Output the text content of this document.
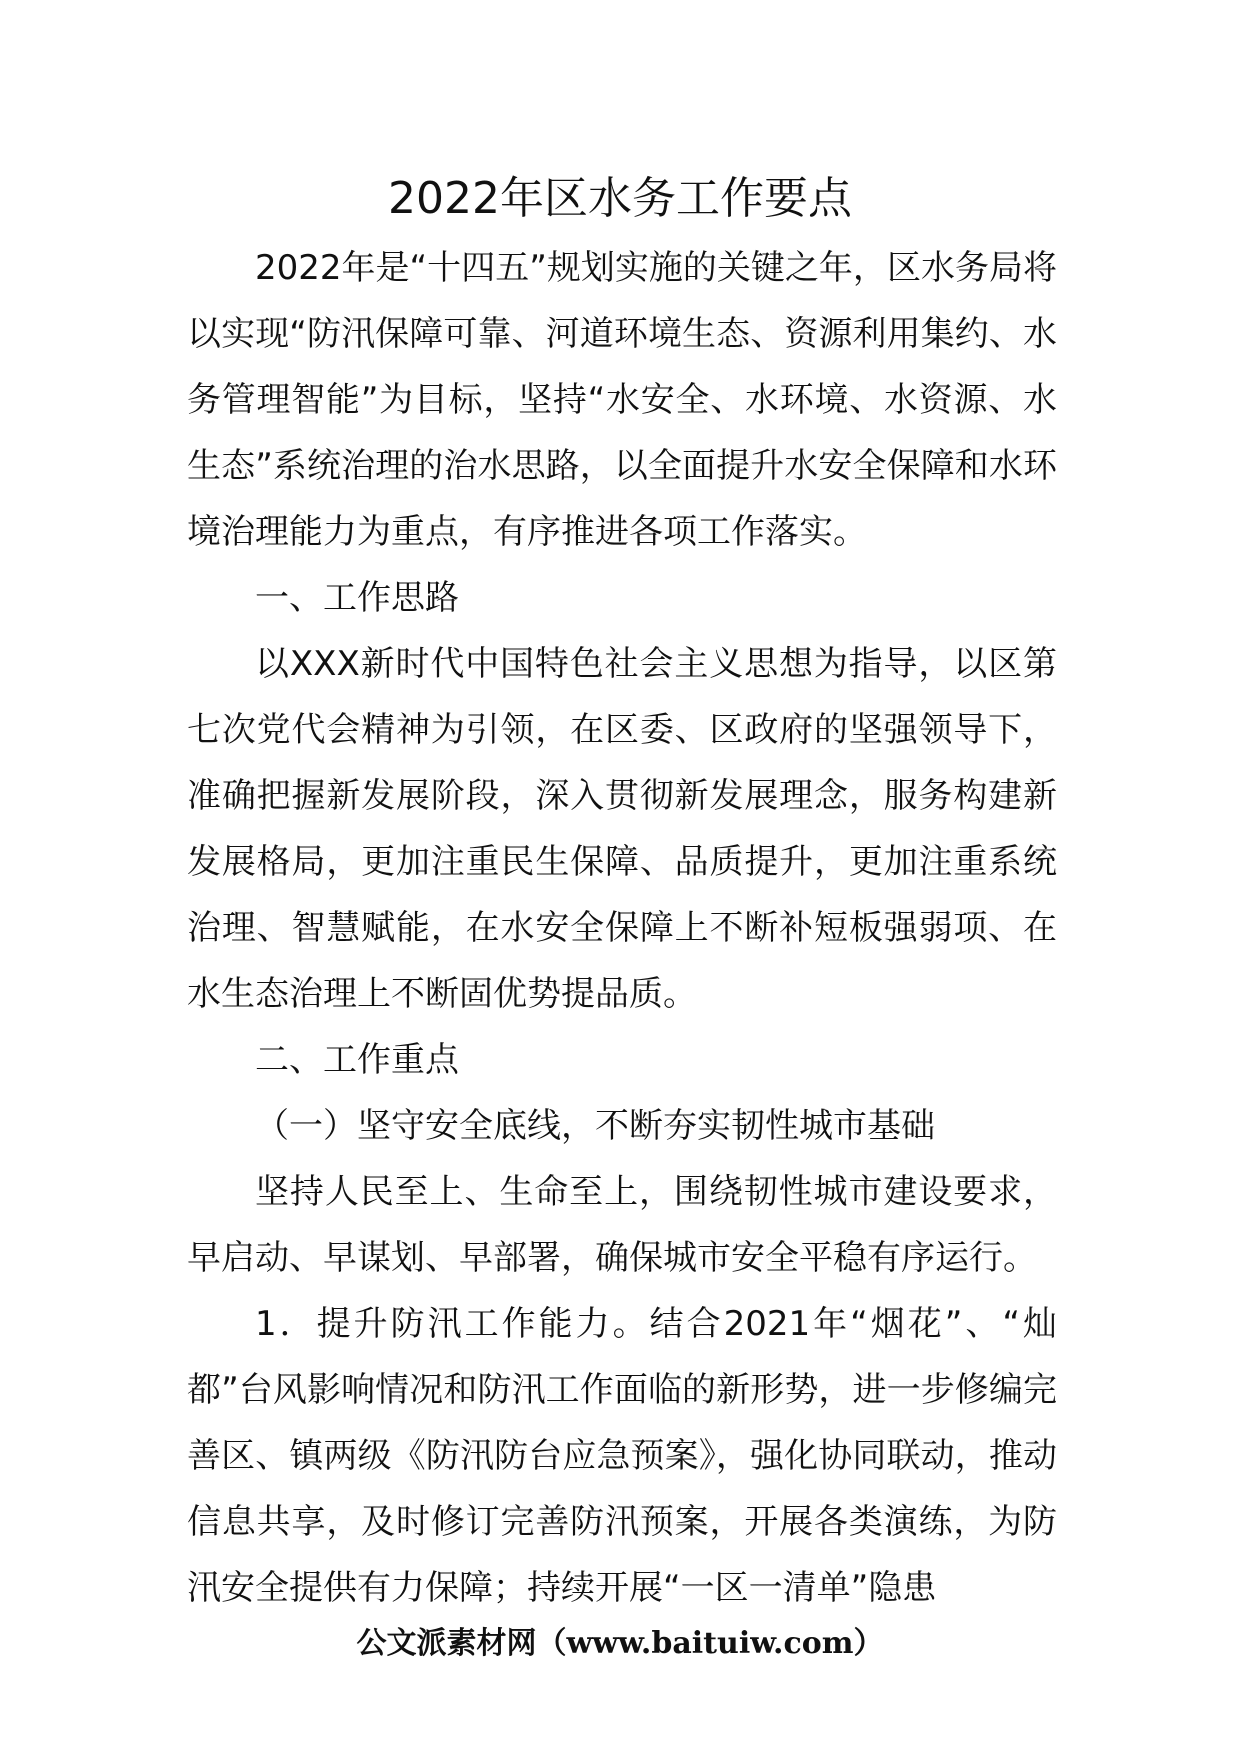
2022年区水务工作要点

2022年是“十四五”规划实施的关键之年，区水务局将以实现“防汛保障可靠、河道环境生态、资源利用集约、水务管理智能”为目标，坚持“水安全、水环境、水资源、水生态”系统治理的治水思路，以全面提升水安全保障和水环境治理能力为重点，有序推进各项工作落实。

一、工作思路

以XXX新时代中国特色社会主义思想为指导，以区第七次党代会精神为引领，在区委、区政府的坚强领导下，准确把握新发展阶段，深入贯彻新发展理念，服务构建新发展格局，更加注重民生保障、品质提升，更加注重系统治理、智慧赋能，在水安全保障上不断补短板强弱项、在水生态治理上不断固优势提品质。

二、工作重点

（一）坚守安全底线，不断夯实韧性城市基础

坚持人民至上、生命至上，围绕韧性城市建设要求，早启动、早谋划、早部署，确保城市安全平稳有序运行。

1．提升防汛工作能力。结合2021年“烟花”、“灿都”台风影响情况和防汛工作面临的新形势，进一步修编完善区、镇两级《防汛防台应急预案》，强化协同联动，推动信息共享，及时修订完善防汛预案，开展各类演练，为防汛安全提供有力保障；持续开展“一区一清单”隐患

公文派素材网（www.baituiw.com）
